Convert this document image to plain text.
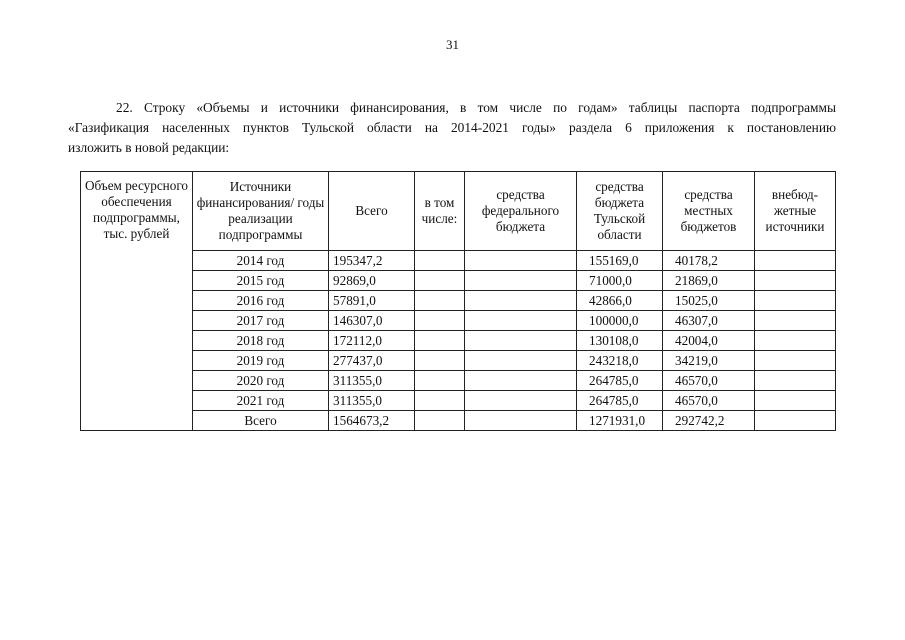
31
22. Строку «Объемы и источники финансирования, в том числе по годам» таблицы паспорта подпрограммы
«Газификация населенных пунктов Тульской области на 2014-2021 годы» раздела 6 приложения к постановлению
изложить в новой редакции:
Объем ресурсного обеспечения подпрограммы, тыс. рублей	Источники финансирования/ годы реализации подпрограммы	Всего	в том числе:	средства федерального бюджета	средства бюджета Тульской области	средства местных бюджетов	внебюд-жетные источники
	2014 год	195347,2			155169,0	40178,2	
	2015 год	92869,0			71000,0	21869,0	
	2016 год	57891,0			42866,0	15025,0	
	2017 год	146307,0			100000,0	46307,0	
	2018 год	172112,0			130108,0	42004,0	
	2019 год	277437,0			243218,0	34219,0	
	2020 год	311355,0			264785,0	46570,0	
	2021 год	311355,0			264785,0	46570,0	
	Всего	1564673,2			1271931,0	292742,2	
